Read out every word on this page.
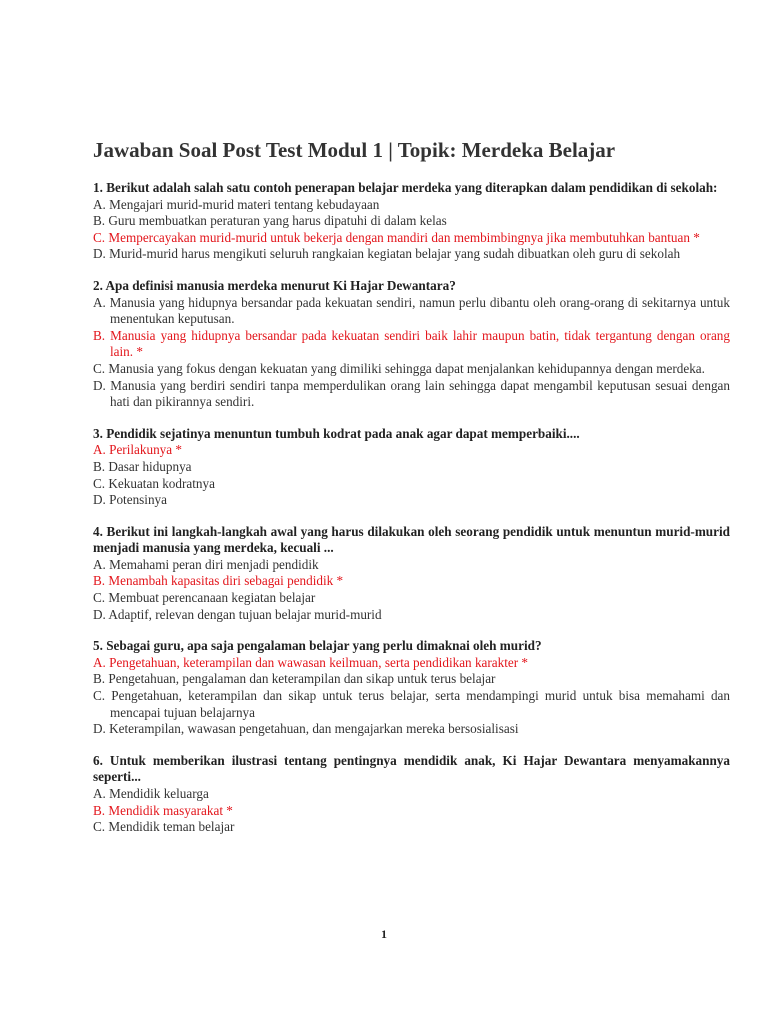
Jawaban Soal Post Test Modul 1 | Topik: Merdeka Belajar
1. Berikut adalah salah satu contoh penerapan belajar merdeka yang diterapkan dalam pendidikan di sekolah:
A. Mengajari murid-murid materi tentang kebudayaan
B. Guru membuatkan peraturan yang harus dipatuhi di dalam kelas
C. Mempercayakan murid-murid untuk bekerja dengan mandiri dan membimbingnya jika membutuhkan bantuan *
D. Murid-murid harus mengikuti seluruh rangkaian kegiatan belajar yang sudah dibuatkan oleh guru di sekolah
2. Apa definisi manusia merdeka menurut Ki Hajar Dewantara?
A. Manusia yang hidupnya bersandar pada kekuatan sendiri, namun perlu dibantu oleh orang-orang di sekitarnya untuk menentukan keputusan.
B. Manusia yang hidupnya bersandar pada kekuatan sendiri baik lahir maupun batin, tidak tergantung dengan orang lain. *
C. Manusia yang fokus dengan kekuatan yang dimiliki sehingga dapat menjalankan kehidupannya dengan merdeka.
D. Manusia yang berdiri sendiri tanpa memperdulikan orang lain sehingga dapat mengambil keputusan sesuai dengan hati dan pikirannya sendiri.
3. Pendidik sejatinya menuntun tumbuh kodrat pada anak agar dapat memperbaiki....
A. Perilakunya *
B. Dasar hidupnya
C. Kekuatan kodratnya
D. Potensinya
4. Berikut ini langkah-langkah awal yang harus dilakukan oleh seorang pendidik untuk menuntun murid-murid menjadi manusia yang merdeka, kecuali ...
A. Memahami peran diri menjadi pendidik
B. Menambah kapasitas diri sebagai pendidik *
C. Membuat perencanaan kegiatan belajar
D. Adaptif, relevan dengan tujuan belajar murid-murid
5. Sebagai guru, apa saja pengalaman belajar yang perlu dimaknai oleh murid?
A. Pengetahuan, keterampilan dan wawasan keilmuan, serta pendidikan karakter *
B. Pengetahuan, pengalaman dan keterampilan dan sikap untuk terus belajar
C. Pengetahuan, keterampilan dan sikap untuk terus belajar, serta mendampingi murid untuk bisa memahami dan mencapai tujuan belajarnya
D. Keterampilan, wawasan pengetahuan, dan mengajarkan mereka bersosialisasi
6. Untuk memberikan ilustrasi tentang pentingnya mendidik anak, Ki Hajar Dewantara menyamakannya seperti...
A. Mendidik keluarga
B. Mendidik masyarakat *
C. Mendidik teman belajar
1
